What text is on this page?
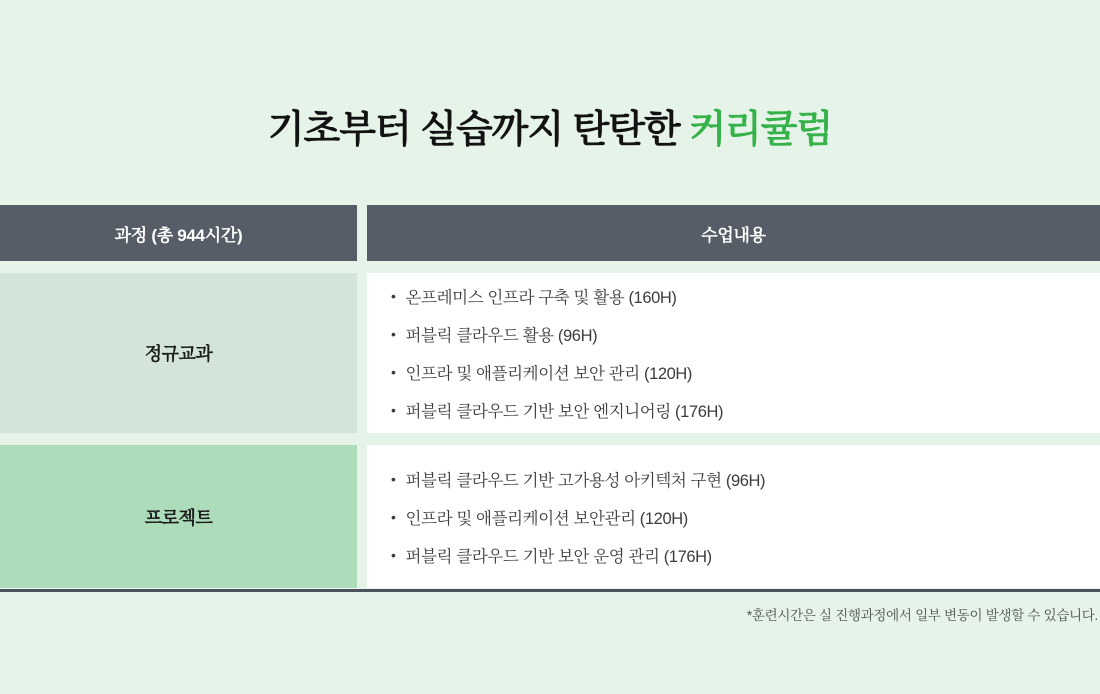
기초부터 실습까지 탄탄한 커리큘럼
과정 (총 944시간)	수업내용
정규교과
• 온프레미스 인프라 구축 및 활용 (160H)
• 퍼블릭 클라우드 활용 (96H)
• 인프라 및 애플리케이션 보안 관리 (120H)
• 퍼블릭 클라우드 기반 보안 엔지니어링 (176H)
프로젝트
• 퍼블릭 클라우드 기반 고가용성 아키텍처 구현 (96H)
• 인프라 및 애플리케이션 보안관리 (120H)
• 퍼블릭 클라우드 기반 보안 운영 관리 (176H)
*훈련시간은 실 진행과정에서 일부 변동이 발생할 수 있습니다.
